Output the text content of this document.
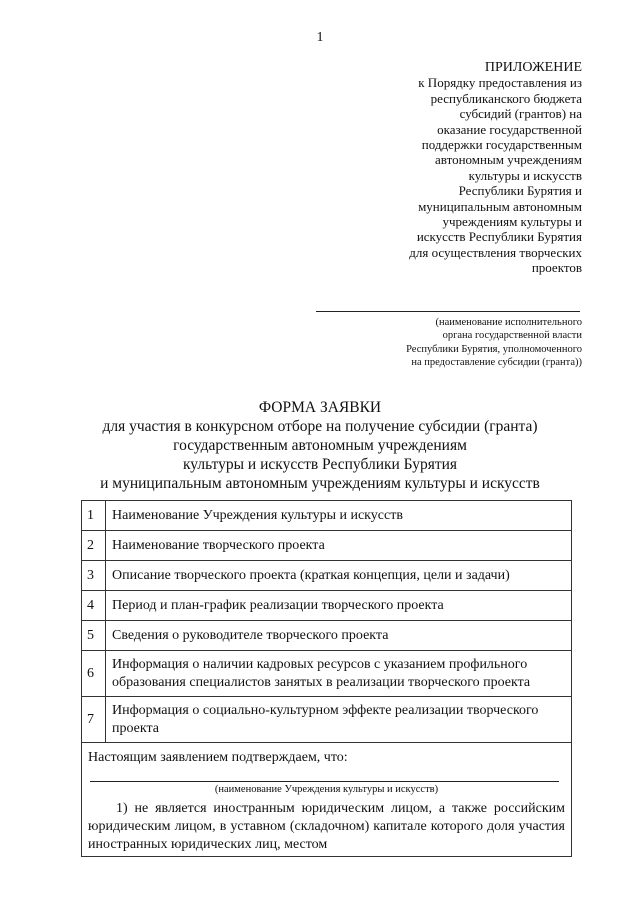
1
ПРИЛОЖЕНИЕ
к Порядку предоставления из
республиканского бюджета
субсидий (грантов) на
оказание государственной
поддержки государственным
автономным учреждениям
культуры и искусств
Республики Бурятия и
муниципальным автономным
учреждениям культуры и
искусств Республики Бурятия
для осуществления творческих
проектов
(наименование исполнительного
органа государственной власти
Республики Бурятия, уполномоченного
на предоставление субсидии (гранта))
ФОРМА ЗАЯВКИ
для участия в конкурсном отборе на получение субсидии (гранта)
государственным автономным учреждениям
культуры и искусств Республики Бурятия
и муниципальным автономным учреждениям культуры и искусств
1	Наименование Учреждения культуры и искусств
2	Наименование творческого проекта
3	Описание творческого проекта (краткая концепция, цели и задачи)
4	Период и план-график реализации творческого проекта
5	Сведения о руководителе творческого проекта
6	Информация о наличии кадровых ресурсов с указанием профильного образования специалистов занятых в реализации творческого проекта
7	Информация о социально-культурном эффекте реализации творческого проекта

Настоящим заявлением подтверждаем, что:
(наименование Учреждения культуры и искусств)
1) не является иностранным юридическим лицом, а также российским юридическим лицом, в уставном (складочном) капитале которого доля участия иностранных юридических лиц, местом	
